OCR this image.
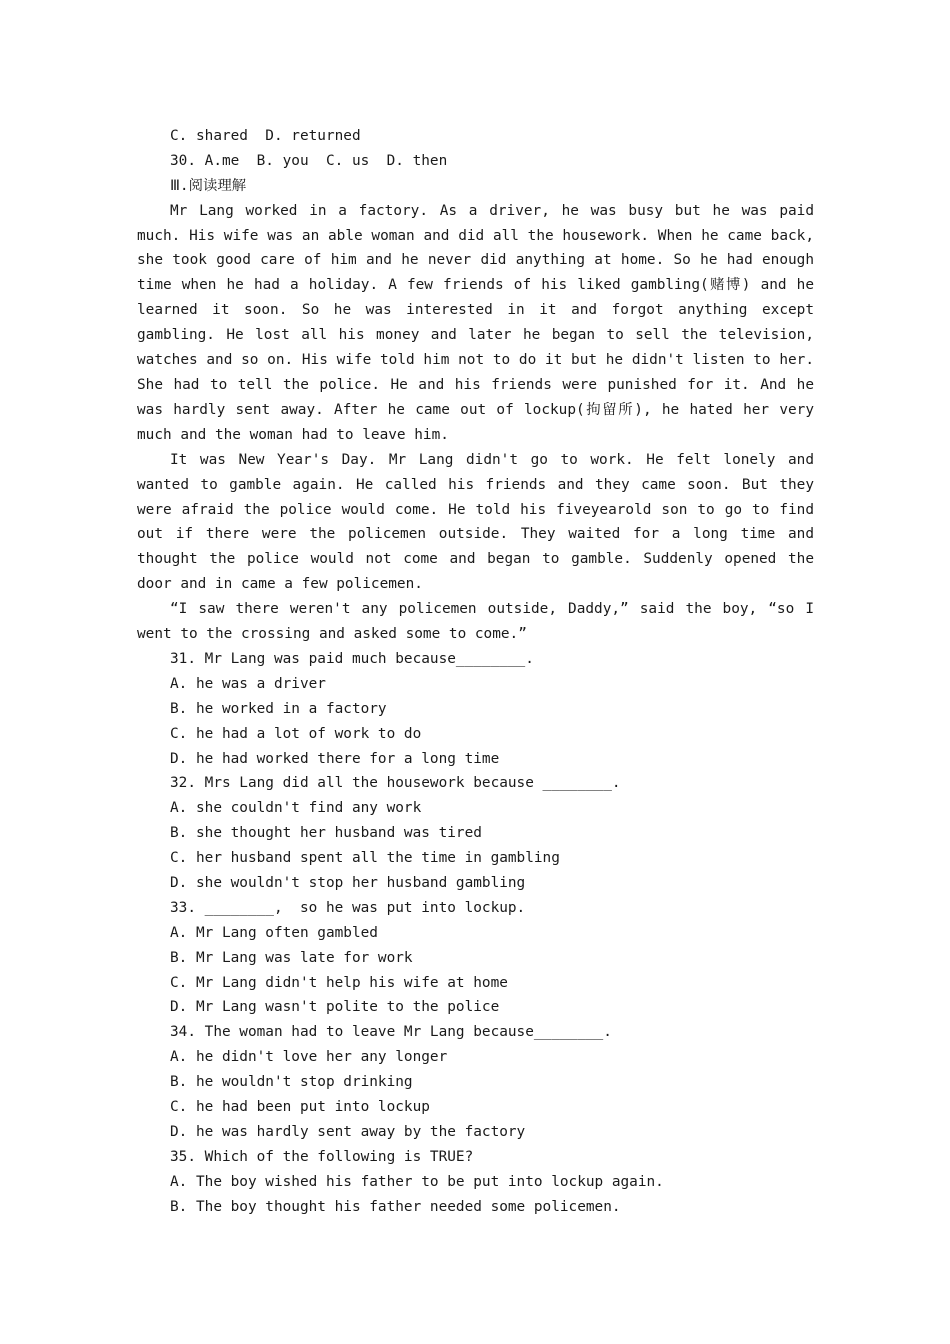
C. shared  D. returned
30. A.me  B. you  C. us  D. then
Ⅲ.阅读理解
Mr Lang worked in a factory. As a driver, he was busy but he was paid much. His wife was an able woman and did all the housework. When he came back, she took good care of him and he never did anything at home. So he had enough time when he had a holiday. A few friends of his liked gambling(赌博) and he learned it soon. So he was interested in it and forgot anything except gambling. He lost all his money and later he began to sell the television, watches and so on. His wife told him not to do it but he didn't listen to her. She had to tell the police. He and his friends were punished for it. And he was hardly sent away. After he came out of lockup(拘留所), he hated her very much and the woman had to leave him.
It was New Year's Day. Mr Lang didn't go to work. He felt lonely and wanted to gamble again. He called his friends and they came soon. But they were afraid the police would come. He told his fiveyearold son to go to find out if there were the policemen outside. They waited for a long time and thought the police would not come and began to gamble. Suddenly opened the door and in came a few policemen.
“I saw there weren't any policemen outside, Daddy,” said the boy, “so I went to the crossing and asked some to come.”
31. Mr Lang was paid much because________.
A. he was a driver
B. he worked in a factory
C. he had a lot of work to do
D. he had worked there for a long time
32. Mrs Lang did all the housework because ________.
A. she couldn't find any work
B. she thought her husband was tired
C. her husband spent all the time in gambling
D. she wouldn't stop her husband gambling
33. ________,  so he was put into lockup.
A. Mr Lang often gambled
B. Mr Lang was late for work
C. Mr Lang didn't help his wife at home
D. Mr Lang wasn't polite to the police
34. The woman had to leave Mr Lang because________.
A. he didn't love her any longer
B. he wouldn't stop drinking
C. he had been put into lockup
D. he was hardly sent away by the factory
35. Which of the following is TRUE?
A. The boy wished his father to be put into lockup again.
B. The boy thought his father needed some policemen.
